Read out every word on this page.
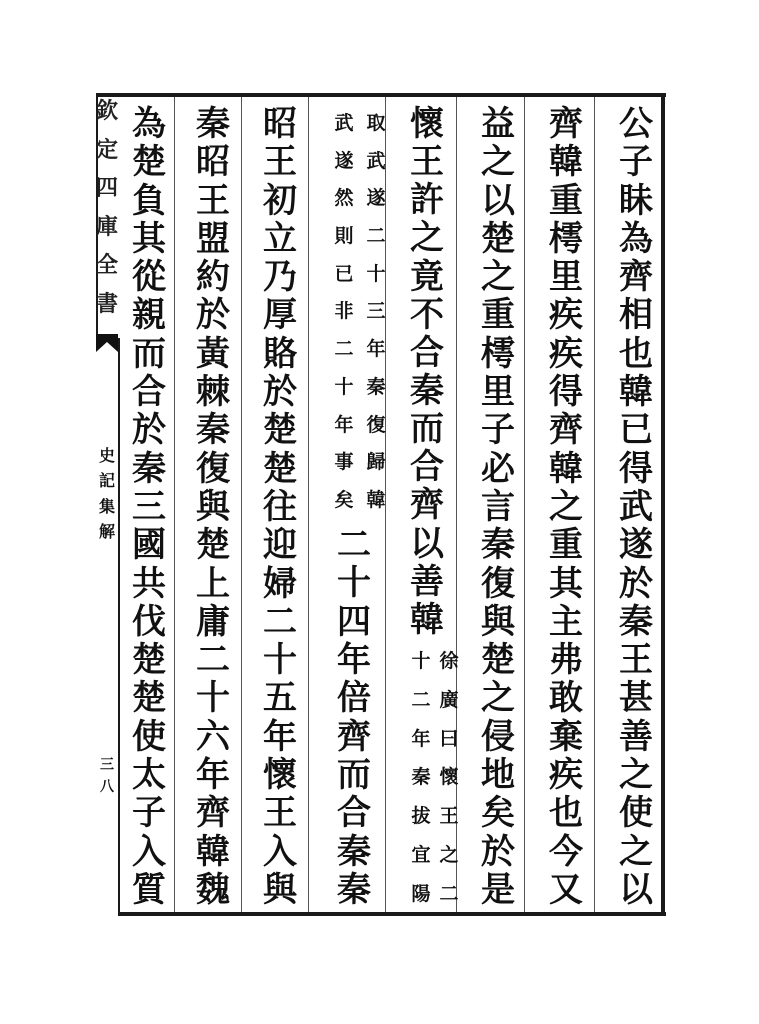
欽
定
四
庫
全
書
史
記
集
解
三
八
公
子
眛
為
齊
相
也
韓
已
得
武
遂
於
秦
王
甚
善
之
使
之
以
齊
韓
重
樗
里
疾
疾
得
齊
韓
之
重
其
主
弗
敢
棄
疾
也
今
又
益
之
以
楚
之
重
樗
里
子
必
言
秦
復
與
楚
之
侵
地
矣
於
是
懷
王
許
之
竟
不
合
秦
而
合
齊
以
善
韓
徐
廣
曰
懷
王
之
二
十
二
年
秦
拔
宜
陽
取
武
遂
二
十
三
年
秦
復
歸
韓
武
遂
然
則
已
非
二
十
年
事
矣
二
十
四
年
倍
齊
而
合
秦
秦
昭
王
初
立
乃
厚
賂
於
楚
楚
往
迎
婦
二
十
五
年
懷
王
入
與
秦
昭
王
盟
約
於
黃
棘
秦
復
與
楚
上
庸
二
十
六
年
齊
韓
魏
為
楚
負
其
從
親
而
合
於
秦
三
國
共
伐
楚
楚
使
太
子
入
質
